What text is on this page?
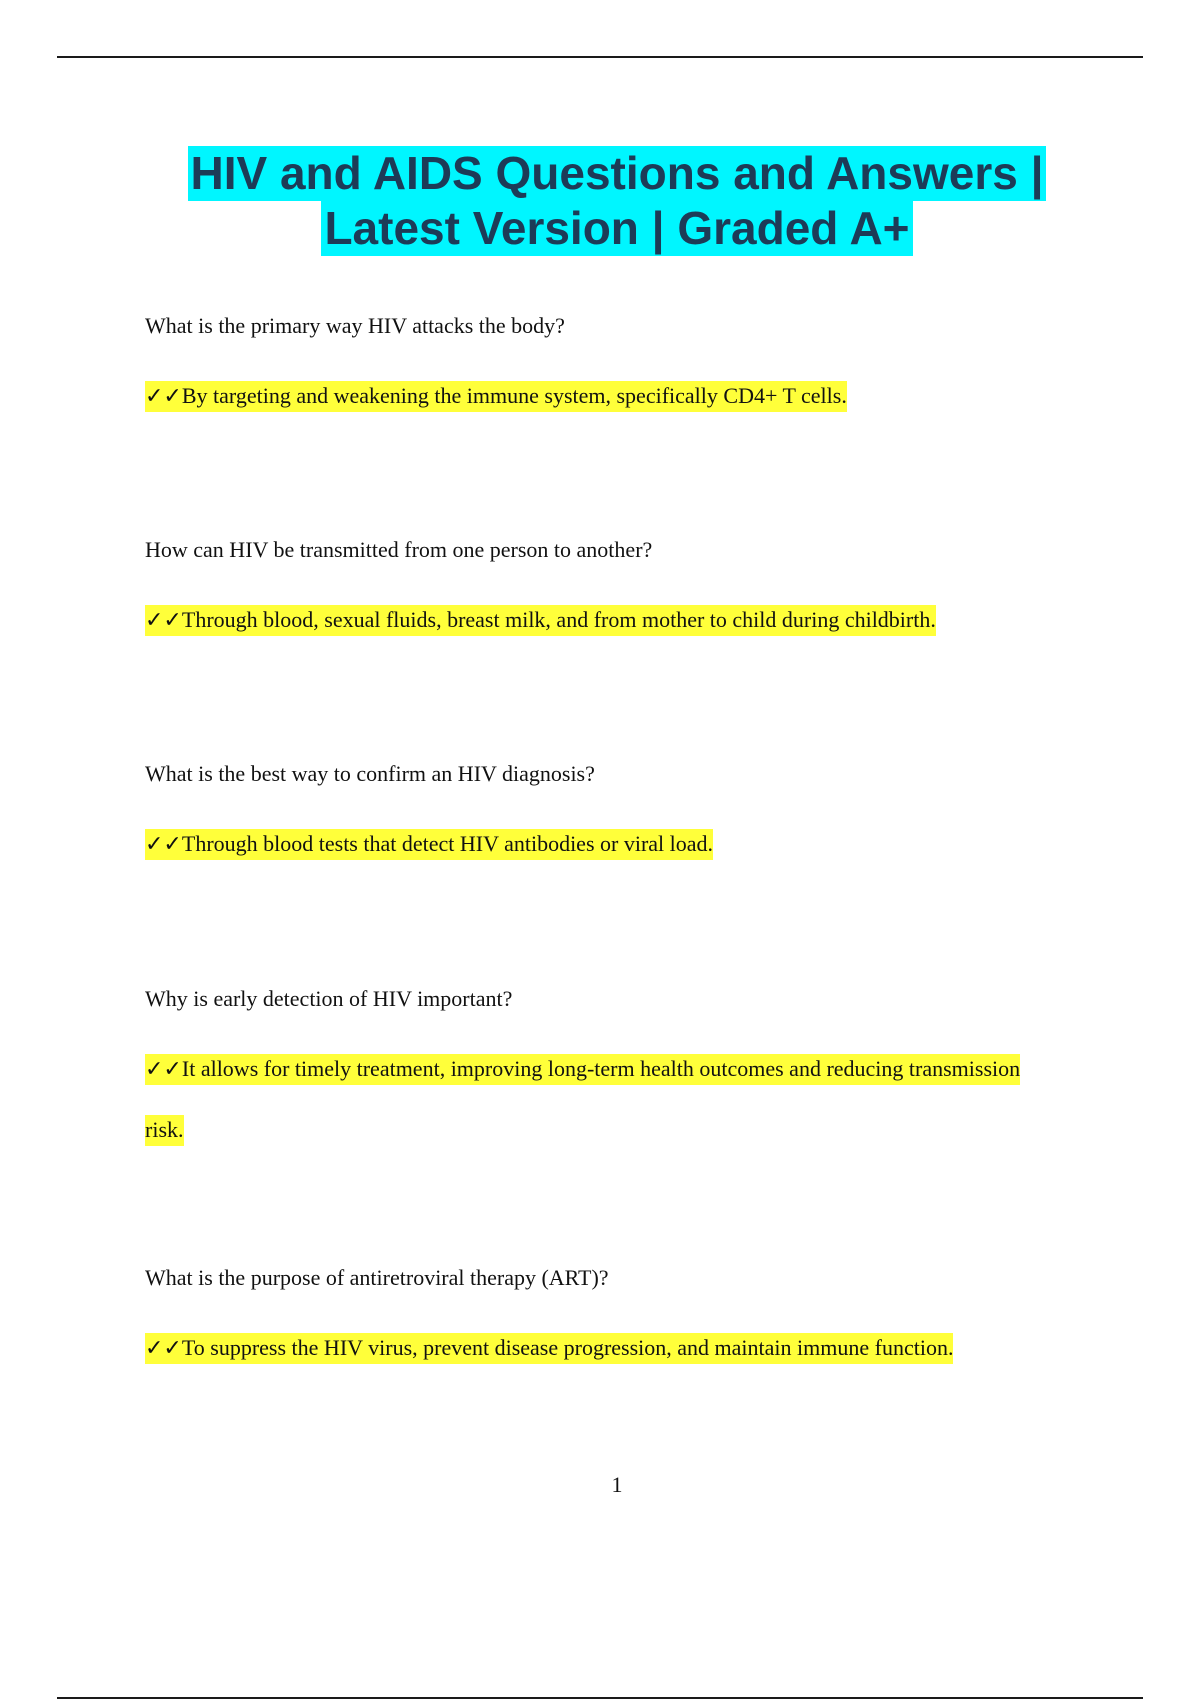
HIV and AIDS Questions and Answers |
Latest Version | Graded A+

What is the primary way HIV attacks the body?

✓✓By targeting and weakening the immune system, specifically CD4+ T cells.

How can HIV be transmitted from one person to another?

✓✓Through blood, sexual fluids, breast milk, and from mother to child during childbirth.

What is the best way to confirm an HIV diagnosis?

✓✓Through blood tests that detect HIV antibodies or viral load.

Why is early detection of HIV important?

✓✓It allows for timely treatment, improving long-term health outcomes and reducing transmission risk.

What is the purpose of antiretroviral therapy (ART)?

✓✓To suppress the HIV virus, prevent disease progression, and maintain immune function.

1
